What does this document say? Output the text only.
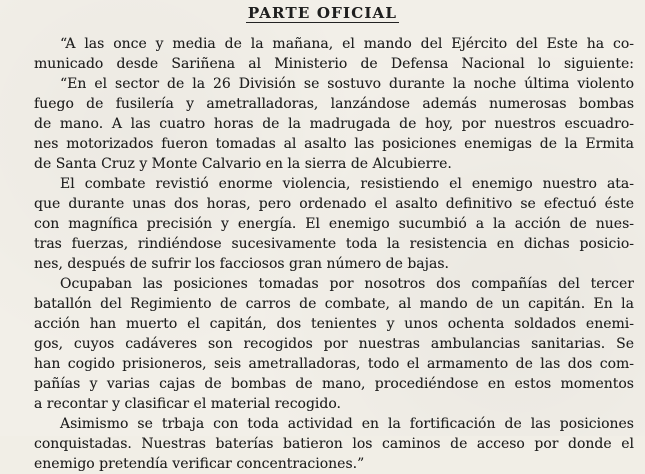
PARTE OFICIAL
“A las once y media de la mañana, el mando del Ejército del Este ha co-
municado desde Sariñena al Ministerio de Defensa Nacional lo siguiente:
“En el sector de la 26 División se sostuvo durante la noche última violento
fuego de fusilería y ametralladoras, lanzándose además numerosas bombas
de mano. A las cuatro horas de la madrugada de hoy, por nuestros escuadro-
nes motorizados fueron tomadas al asalto las posiciones enemigas de la Ermita
de Santa Cruz y Monte Calvario en la sierra de Alcubierre.
El combate revistió enorme violencia, resistiendo el enemigo nuestro ata-
que durante unas dos horas, pero ordenado el asalto definitivo se efectuó éste
con magnífica precisión y energía. El enemigo sucumbió a la acción de nues-
tras fuerzas, rindiéndose sucesivamente toda la resistencia en dichas posicio-
nes, después de sufrir los facciosos gran número de bajas.
Ocupaban las posiciones tomadas por nosotros dos compañías del tercer
batallón del Regimiento de carros de combate, al mando de un capitán. En la
acción han muerto el capitán, dos tenientes y unos ochenta soldados enemi-
gos, cuyos cadáveres son recogidos por nuestras ambulancias sanitarias. Se
han cogido prisioneros, seis ametralladoras, todo el armamento de las dos com-
pañías y varias cajas de bombas de mano, procediéndose en estos momentos
a recontar y clasificar el material recogido.
Asimismo se trbaja con toda actividad en la fortificación de las posiciones
conquistadas. Nuestras baterías batieron los caminos de acceso por donde el
enemigo pretendía verificar concentraciones.”
